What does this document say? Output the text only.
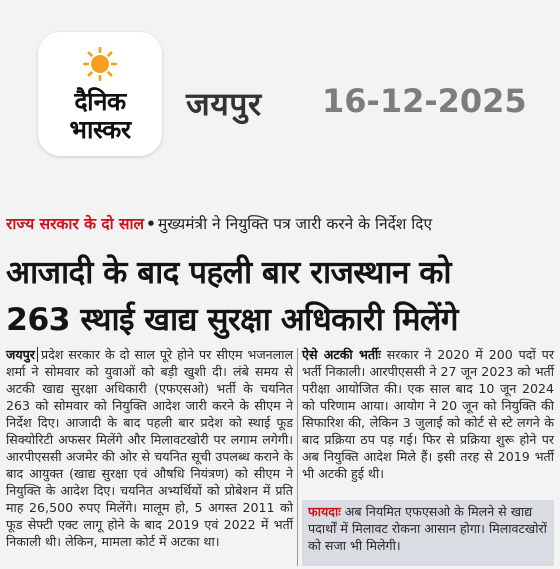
दैनिक
भास्कर
जयपुर 16-12-2025
राज्य सरकार के दो साल • मुख्यमंत्री ने नियुक्ति पत्र जारी करने के निर्देश दिए
आजादी के बाद पहली बार राजस्थान को
263 स्थाई खाद्य सुरक्षा अधिकारी मिलेंगे
जयपुर प्रदेश सरकार के दो साल पूरे होने पर सीएम भजनलाल शर्मा ने सोमवार को युवाओं को बड़ी खुशी दी। लंबे समय से अटकी खाद्य सुरक्षा अधिकारी (एफएसओ) भर्ती के चयनित 263 को सोमवार को नियुक्ति आदेश जारी करने के सीएम ने निर्देश दिए। आजादी के बाद पहली बार प्रदेश को स्थाई फूड सिक्योरिटी अफसर मिलेंगे और मिलावटखोरी पर लगाम लगेगी। आरपीएससी अजमेर की ओर से चयनित सूची उपलब्ध कराने के बाद आयुक्त (खाद्य सुरक्षा एवं औषधि नियंत्रण) को सीएम ने नियुक्ति के आदेश दिए। चयनित अभ्यर्थियों को प्रोबेशन में प्रति माह 26,500 रुपए मिलेंगे। मालूम हो, 5 अगस्त 2011 को फूड सेफ्टी एक्ट लागू होने के बाद 2019 एवं 2022 में भर्ती निकाली थी। लेकिन, मामला कोर्ट में अटका था।
ऐसे अटकी भर्तीः सरकार ने 2020 में 200 पदों पर भर्ती निकाली। आरपीएससी ने 27 जून 2023 को भर्ती परीक्षा आयोजित की। एक साल बाद 10 जून 2024 को परिणाम आया। आयोग ने 20 जून को नियुक्ति की सिफारिश की, लेकिन 3 जुलाई को कोर्ट से स्टे लगने के बाद प्रक्रिया ठप पड़ गई। फिर से प्रक्रिया शुरू होने पर अब नियुक्ति आदेश मिले हैं। इसी तरह से 2019 भर्ती भी अटकी हुई थी।
फायदाः अब नियमित एफएसओ के मिलने से खाद्य पदार्थों में मिलावट रोकना आसान होगा। मिलावटखोरों को सजा भी मिलेगी।
